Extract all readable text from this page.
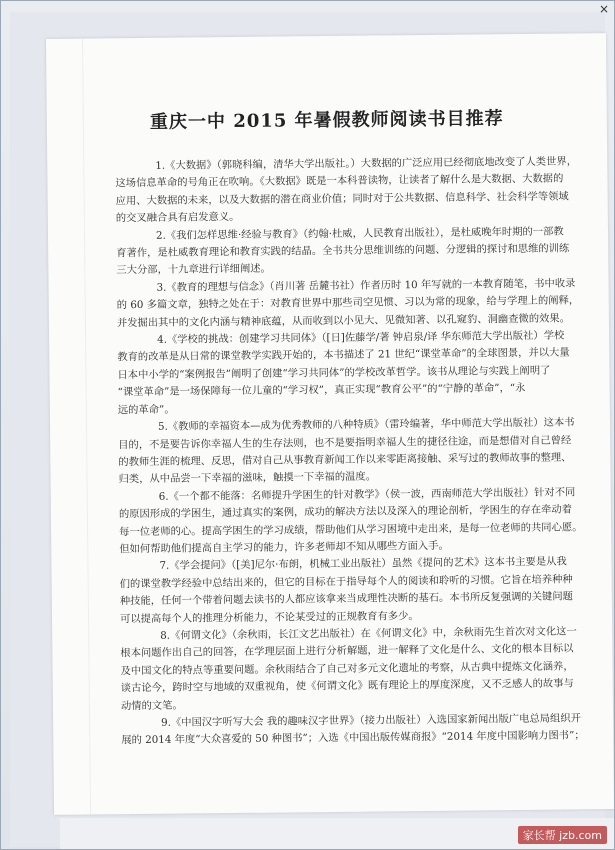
重庆一中 2015 年暑假教师阅读书目推荐
1.《大数据》（郭晓科编，清华大学出版社。）大数据的广泛应用已经彻底地改变了人类世界，
这场信息革命的号角正在吹响。《大数据》既是一本科普读物，让读者了解什么是大数据、大数据的
应用、大数据的未来，以及大数据的潜在商业价值；同时对于公共数据、信息科学、社会科学等领域
的交叉融合具有启发意义。
2.《我们怎样思维·经验与教育》（约翰·杜威，人民教育出版社），是杜威晚年时期的一部教
育著作，是杜威教育理论和教育实践的结晶。全书共分思维训练的问题、分逻辑的探讨和思维的训练
三大分部，十九章进行详细阐述。
3.《教育的理想与信念》（肖川著 岳麓书社）作者历时 10 年写就的一本教育随笔，书中收录
的 60 多篇文章，独特之处在于：对教育世界中那些司空见惯、习以为常的现象，给与学理上的阐释，
并发掘出其中的文化内涵与精神底蕴，从而收到以小见大、见微知著、以孔窥豹、洞幽查微的效果。
4.《学校的挑战：创建学习共同体》（[日]佐藤学/著 钟启泉/译 华东师范大学出版社）学校
教育的改革是从日常的课堂教学实践开始的，本书描述了 21 世纪“课堂革命”的全球图景，并以大量
日本中小学的“案例报告”阐明了创建“学习共同体”的学校改革哲学。该书从理论与实践上阐明了
“课堂革命”是一场保障每一位儿童的“学习权”，真正实现“教育公平”的“宁静的革命”，“永
远的革命”。
5.《教师的幸福资本—成为优秀教师的八种特质》（雷玲编著，华中师范大学出版社）这本书
目的，不是要告诉你幸福人生的生存法则，也不是要指明幸福人生的捷径往途，而是想借对自己曾经
的教师生涯的梳理、反思，借对自己从事教育新闻工作以来零距离接触、采写过的教师故事的整理、
归类，从中品尝一下幸福的滋味，触摸一下幸福的温度。
6.《一个都不能落：名师提升学困生的针对教学》（侯一波，西南师范大学出版社）针对不同
的原因形成的学困生，通过真实的案例，成功的解决方法以及深入的理论剖析，学困生的存在牵动着
每一位老师的心。提高学困生的学习成绩，帮助他们从学习困境中走出来，是每一位老师的共同心愿。
但如何帮助他们提高自主学习的能力，许多老师却不知从哪些方面入手。
7.《学会提问》（[美]尼尔·布朗，机械工业出版社）虽然《提问的艺术》这本书主要是从我
们的课堂教学经验中总结出来的，但它的目标在于指导每个人的阅读和聆听的习惯。它旨在培养种种
种技能，任何一个带着问题去读书的人都应该拿来当成理性决断的基石。本书所反复强调的关键问题
可以提高每个人的推理分析能力，不论某受过的正规教育有多少。
8.《何谓文化》（余秋雨，长江文艺出版社）在《何谓文化》中，余秋雨先生首次对文化这一
根本问题作出自己的回答，在学理层面上进行分析解题，进一解释了文化是什么、文化的根本目标以
及中国文化的特点等重要问题。余秋雨结合了自己对多元文化遗址的考察，从古典中提炼文化涵养，
谈古论今，跨时空与地域的双重视角，使《何谓文化》既有理论上的厚度深度，又不乏感人的故事与
动情的文笔。
9.《中国汉字听写大会 我的趣味汉字世界》（接力出版社）入选国家新闻出版广电总局组织开
展的 2014 年度“大众喜爱的 50 种图书”；入选《中国出版传媒商报》“2014 年度中国影响力图书”；
×
家长帮 jzb.com
